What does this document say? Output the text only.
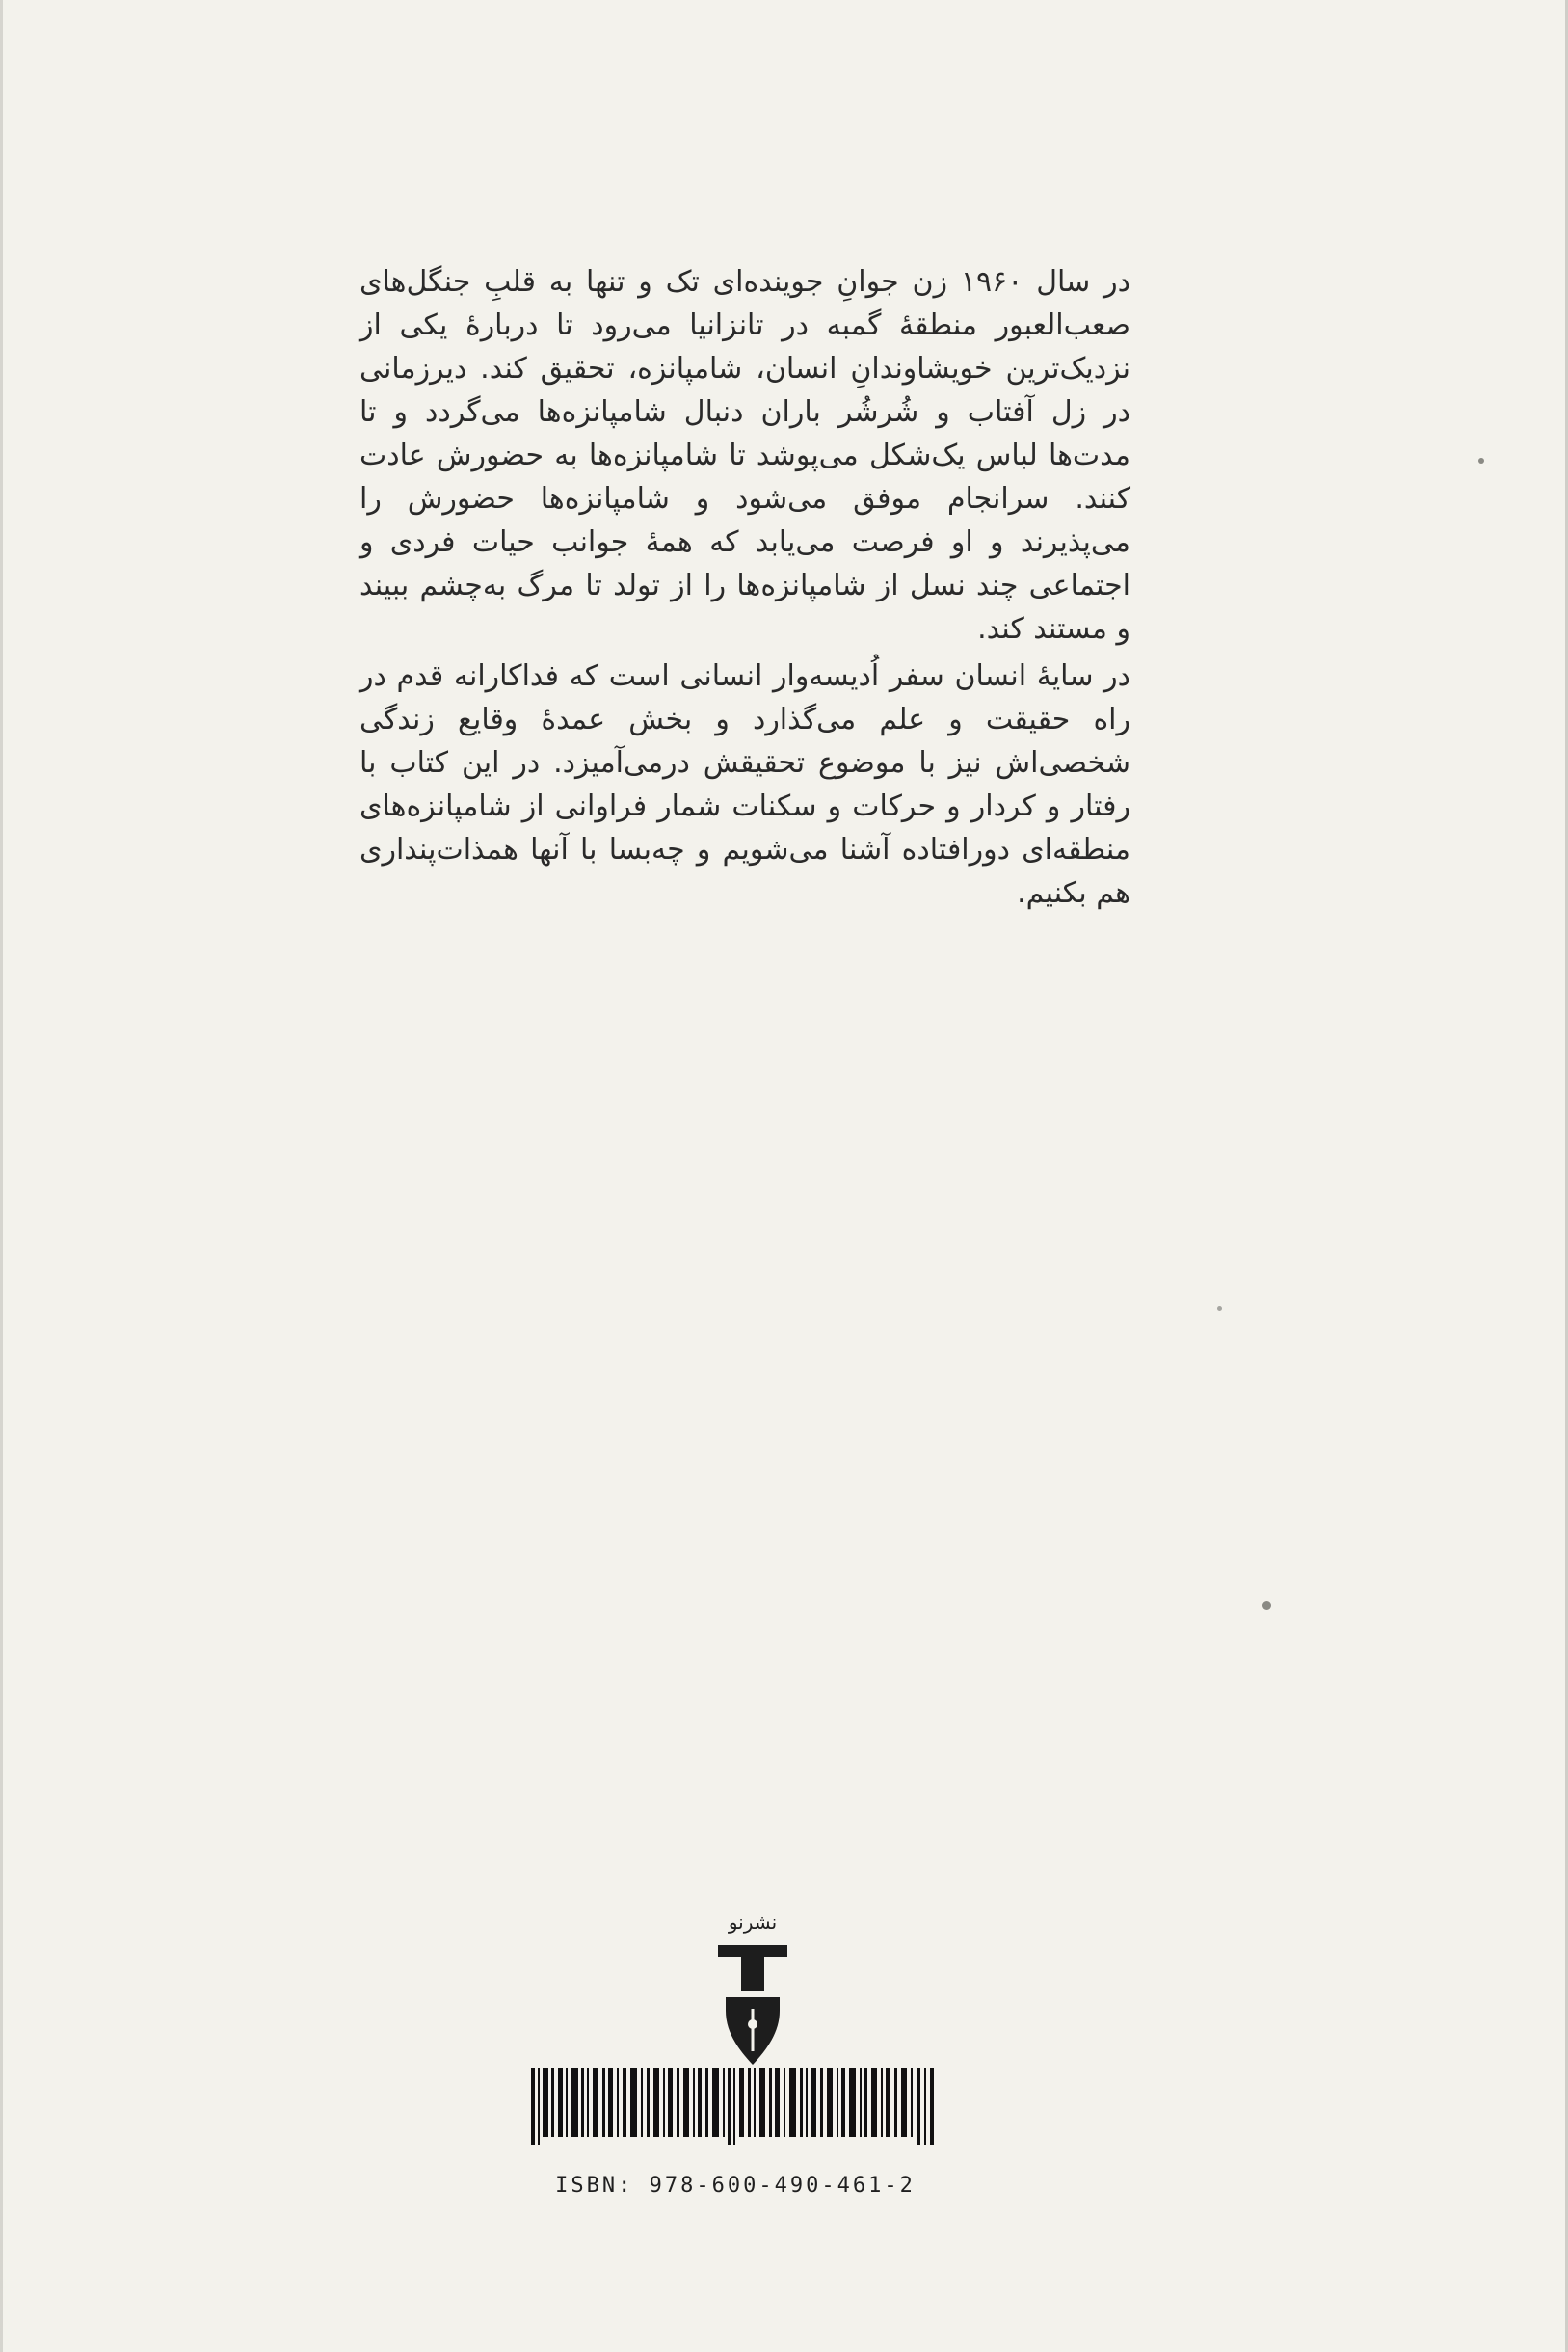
در سال ۱۹۶۰ زن جوانِ جوینده‌ای تک و تنها به قلبِ جنگل‌های صعب‌العبور منطقهٔ گمبه در تانزانیا می‌رود تا دربارهٔ یکی از نزدیک‌ترین خویشاوندانِ انسان، شامپانزه، تحقیق کند. دیرزمانی در زل آفتاب و شُرشُر باران دنبال شامپانزه‌ها می‌گردد و تا مدت‌ها لباس یک‌شکل می‌پوشد تا شامپانزه‌ها به حضورش عادت کنند. سرانجام موفق می‌شود و شامپانزه‌ها حضورش را می‌پذیرند و او فرصت می‌یابد که همهٔ جوانب حیات فردی و اجتماعی چند نسل از شامپانزه‌ها را از تولد تا مرگ به‌چشم ببیند و مستند کند.

در سایهٔ انسان سفر اُدیسه‌وار انسانی است که فداکارانه قدم در راه حقیقت و علم می‌گذارد و بخش عمدهٔ وقایع زندگی شخصی‌اش نیز با موضوع تحقیقش درمی‌آمیزد. در این کتاب با رفتار و کردار و حرکات و سکنات شمار فراوانی از شامپانزه‌های منطقه‌ای دورافتاده آشنا می‌شویم و چه‌بسا با آنها همذات‌پنداری هم بکنیم.

نشرنو
ISBN: 978-600-490-461-2
